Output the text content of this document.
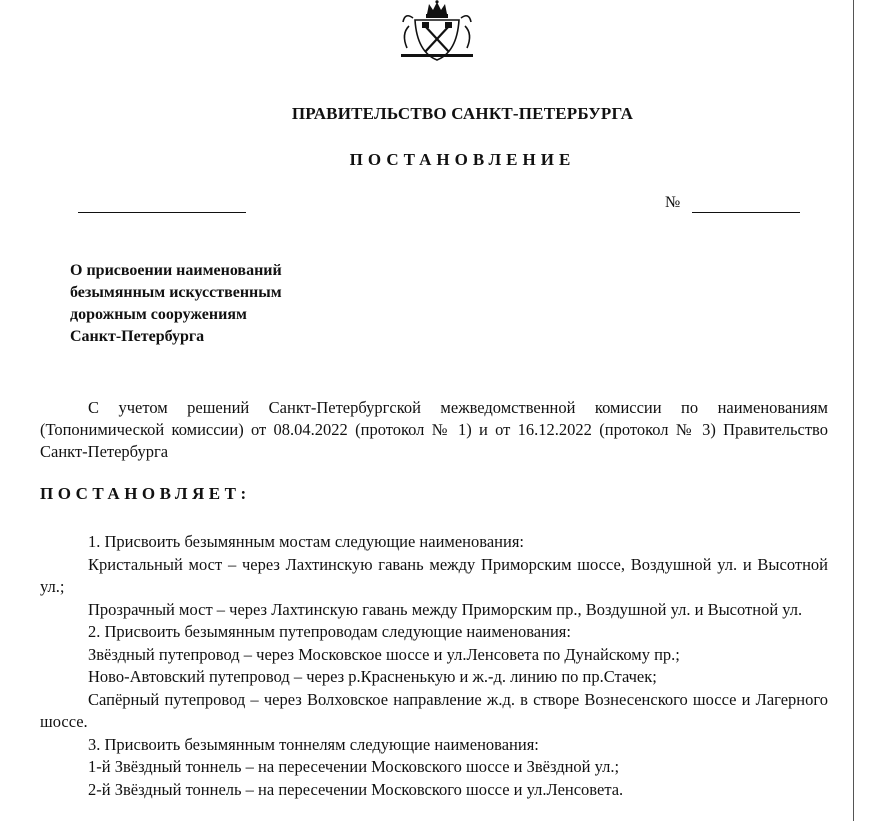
ПРАВИТЕЛЬСТВО САНКТ-ПЕТЕРБУРГА
ПОСТАНОВЛЕНИЕ
№
О присвоении наименований
безымянным искусственным
дорожным сооружениям
Санкт-Петербурга
С учетом решений Санкт-Петербургской межведомственной комиссии по наименованиям (Топонимической комиссии) от 08.04.2022 (протокол № 1) и от 16.12.2022 (протокол № 3) Правительство Санкт-Петербурга
ПОСТАНОВЛЯЕТ:

1. Присвоить безымянным мостам следующие наименования:

Кристальный мост – через Лахтинскую гавань между Приморским шоссе, Воздушной ул. и Высотной ул.;

Прозрачный мост – через Лахтинскую гавань между Приморским пр., Воздушной ул. и Высотной ул.

2. Присвоить безымянным путепроводам следующие наименования:

Звёздный путепровод – через Московское шоссе и ул.Ленсовета по Дунайскому пр.;

Ново-Автовский путепровод – через р.Красненькую и ж.-д. линию по пр.Стачек;

Сапёрный путепровод – через Волховское направление ж.д. в створе Вознесенского шоссе и Лагерного шоссе.

3. Присвоить безымянным тоннелям следующие наименования:

1-й Звёздный тоннель – на пересечении Московского шоссе и Звёздной ул.;

2-й Звёздный тоннель – на пересечении Московского шоссе и ул.Ленсовета.
